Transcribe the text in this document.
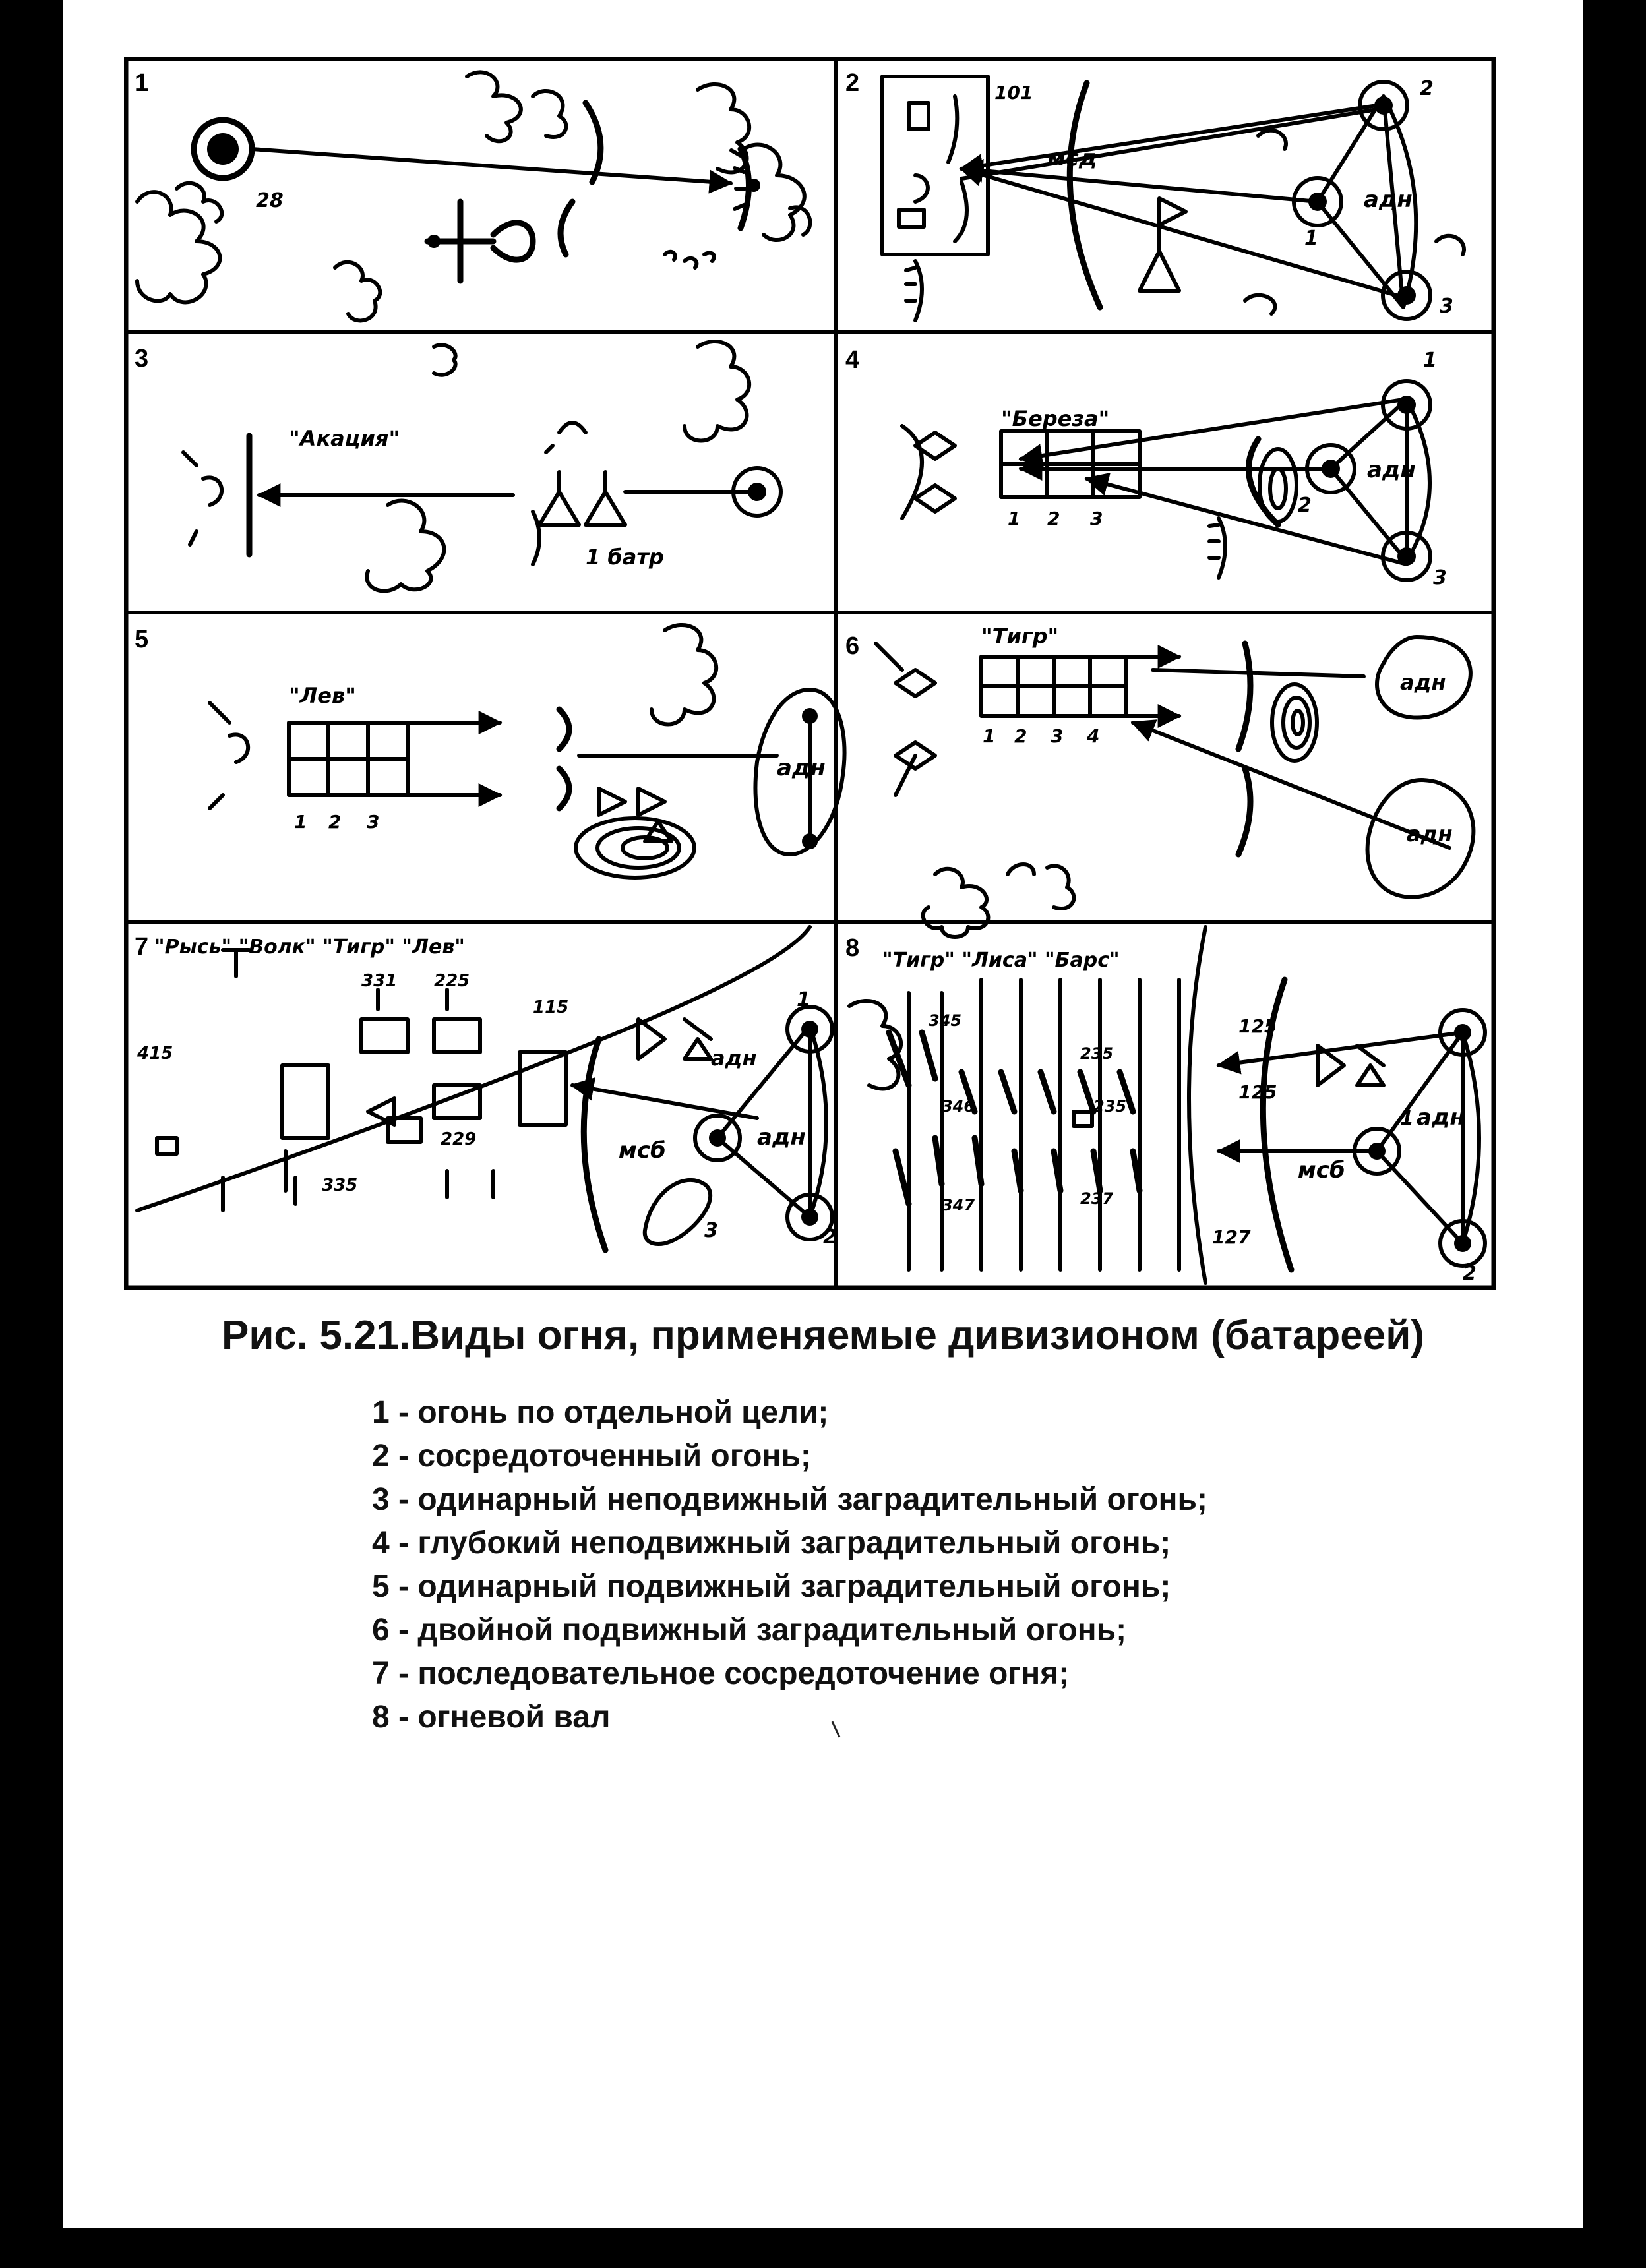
1
28
2	101
мсд
адн
1
2
3
3
"Акация"
1 батр
4
"Береза"
1 2 3
адн
1
2
3
5
"Лев"
1 2 3
адн
6	"Тигр"
1 2 3 4
адн
адн
7 "Рысь" "Волк" "Тигр" "Лев"
415
331 225
115
335
229	мсб
адн
адн
1
2
3
8 "Тигр" "Лиса" "Барс"
345
346
347
235
235
237
125
125
127
мсб
адн
1
2
Рис. 5.21.Виды огня, применяемые дивизионом (батареей)
1 - огонь по отдельной цели;
2 - сосредоточенный огонь;
3 - одинарный неподвижный заградительный огонь;
4 - глубокий неподвижный заградительный огонь;
5 - одинарный подвижный заградительный огонь;
6 - двойной подвижный заградительный огонь;
7 - последовательное сосредоточение огня;
8 - огневой вал
